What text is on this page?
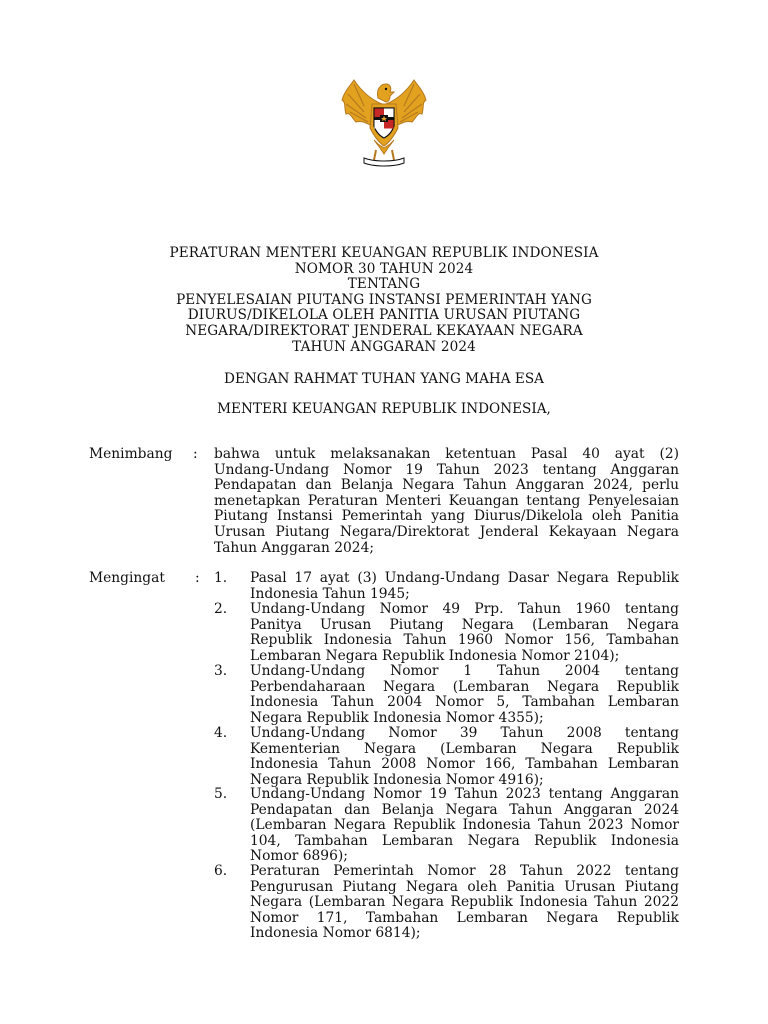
PERATURAN MENTERI KEUANGAN REPUBLIK INDONESIA
NOMOR 30 TAHUN 2024
TENTANG
PENYELESAIAN PIUTANG INSTANSI PEMERINTAH YANG
DIURUS/DIKELOLA OLEH PANITIA URUSAN PIUTANG
NEGARA/DIREKTORAT JENDERAL KEKAYAAN NEGARA
TAHUN ANGGARAN 2024
DENGAN RAHMAT TUHAN YANG MAHA ESA
MENTERI KEUANGAN REPUBLIK INDONESIA,
Menimbang : bahwa untuk melaksanakan ketentuan Pasal 40 ayat (2)
Undang-Undang Nomor 19 Tahun 2023 tentang Anggaran
Pendapatan dan Belanja Negara Tahun Anggaran 2024, perlu
menetapkan Peraturan Menteri Keuangan tentang Penyelesaian
Piutang Instansi Pemerintah yang Diurus/Dikelola oleh Panitia
Urusan Piutang Negara/Direktorat Jenderal Kekayaan Negara
Tahun Anggaran 2024;
Mengingat : 1.	Pasal 17 ayat (3) Undang-Undang Dasar Negara Republik
Indonesia Tahun 1945;
2.	Undang-Undang Nomor 49 Prp. Tahun 1960 tentang
Panitya Urusan Piutang Negara (Lembaran Negara
Republik Indonesia Tahun 1960 Nomor 156, Tambahan
Lembaran Negara Republik Indonesia Nomor 2104);
3.	Undang-Undang Nomor 1 Tahun 2004 tentang
Perbendaharaan Negara (Lembaran Negara Republik
Indonesia Tahun 2004 Nomor 5, Tambahan Lembaran
Negara Republik Indonesia Nomor 4355);
4.	Undang-Undang Nomor 39 Tahun 2008 tentang
Kementerian Negara (Lembaran Negara Republik
Indonesia Tahun 2008 Nomor 166, Tambahan Lembaran
Negara Republik Indonesia Nomor 4916);
5.	Undang-Undang Nomor 19 Tahun 2023 tentang Anggaran
Pendapatan dan Belanja Negara Tahun Anggaran 2024
(Lembaran Negara Republik Indonesia Tahun 2023 Nomor
104, Tambahan Lembaran Negara Republik Indonesia
Nomor 6896);
6.	Peraturan Pemerintah Nomor 28 Tahun 2022 tentang
Pengurusan Piutang Negara oleh Panitia Urusan Piutang
Negara (Lembaran Negara Republik Indonesia Tahun 2022
Nomor 171, Tambahan Lembaran Negara Republik
Indonesia Nomor 6814);
